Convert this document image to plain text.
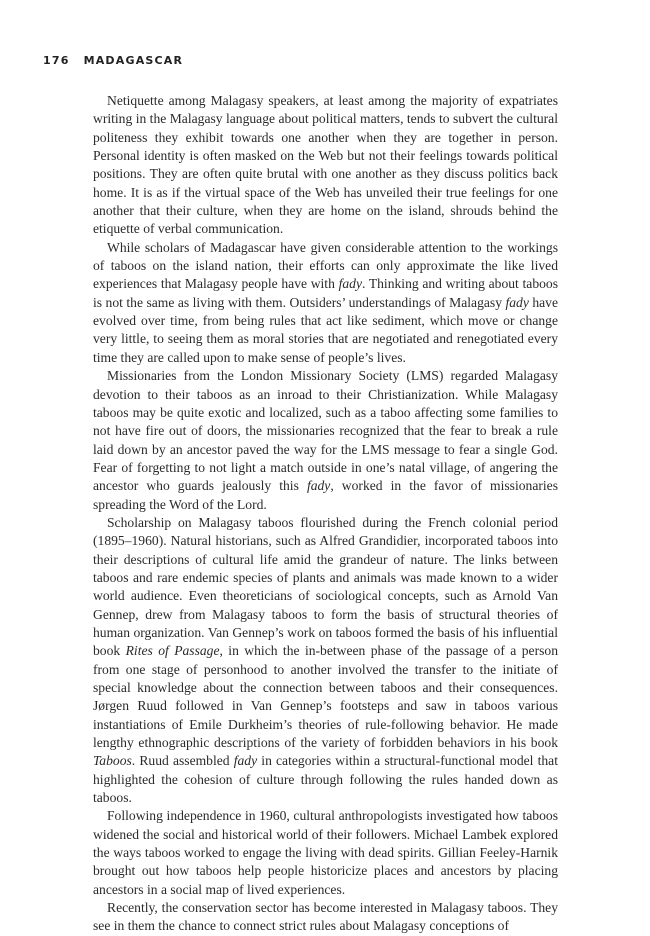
176 MADAGASCAR

Netiquette among Malagasy speakers, at least among the majority of expatriates writing in the Malagasy language about political matters, tends to subvert the cultural politeness they exhibit towards one another when they are together in person. Personal identity is often masked on the Web but not their feelings towards political positions. They are often quite brutal with one another as they discuss politics back home. It is as if the virtual space of the Web has unveiled their true feelings for one another that their culture, when they are home on the island, shrouds behind the etiquette of verbal communication.

While scholars of Madagascar have given considerable attention to the workings of taboos on the island nation, their efforts can only approximate the like lived experiences that Malagasy people have with fady. Thinking and writing about taboos is not the same as living with them. Outsiders’ understandings of Malagasy fady have evolved over time, from being rules that act like sediment, which move or change very little, to seeing them as moral stories that are negotiated and renegotiated every time they are called upon to make sense of people’s lives.

Missionaries from the London Missionary Society (LMS) regarded Malagasy devotion to their taboos as an inroad to their Christianization. While Malagasy taboos may be quite exotic and localized, such as a taboo affecting some families to not have fire out of doors, the missionaries recognized that the fear to break a rule laid down by an ancestor paved the way for the LMS message to fear a single God. Fear of forgetting to not light a match outside in one’s natal village, of angering the ancestor who guards jealously this fady, worked in the favor of missionaries spreading the Word of the Lord.

Scholarship on Malagasy taboos flourished during the French colonial period (1895–1960). Natural historians, such as Alfred Grandidier, incorporated taboos into their descriptions of cultural life amid the grandeur of nature. The links between taboos and rare endemic species of plants and animals was made known to a wider world audience. Even theoreticians of sociological concepts, such as Arnold Van Gennep, drew from Malagasy taboos to form the basis of structural theories of human organization. Van Gennep’s work on taboos formed the basis of his influential book Rites of Passage, in which the in-between phase of the passage of a person from one stage of personhood to another involved the transfer to the initiate of special knowledge about the connection between taboos and their consequences. Jørgen Ruud followed in Van Gennep’s footsteps and saw in taboos various instantiations of Emile Durkheim’s theories of rule-following behavior. He made lengthy ethnographic descriptions of the variety of forbidden behaviors in his book Taboos. Ruud assembled fady in categories within a structural-functional model that highlighted the cohesion of culture through following the rules handed down as taboos.

Following independence in 1960, cultural anthropologists investigated how taboos widened the social and historical world of their followers. Michael Lambek explored the ways taboos worked to engage the living with dead spirits. Gillian Feeley-Harnik brought out how taboos help people historicize places and ancestors by placing ancestors in a social map of lived experiences.

Recently, the conservation sector has become interested in Malagasy taboos. They see in them the chance to connect strict rules about Malagasy conceptions of
